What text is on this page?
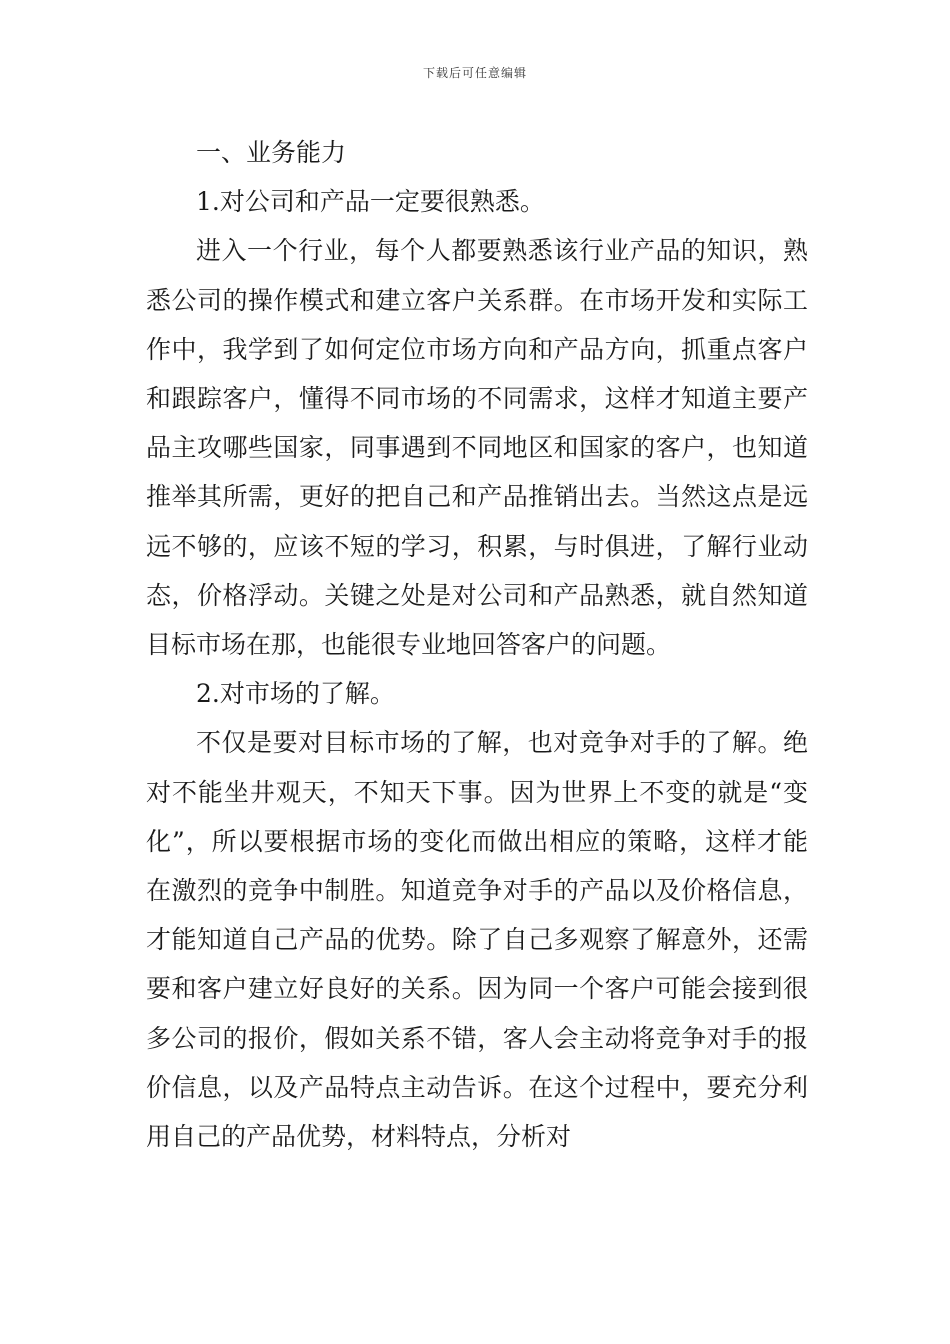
下载后可任意编辑

一、业务能力

1.对公司和产品一定要很熟悉。

进入一个行业，每个人都要熟悉该行业产品的知识，熟悉公司的操作模式和建立客户关系群。在市场开发和实际工作中，我学到了如何定位市场方向和产品方向，抓重点客户和跟踪客户，懂得不同市场的不同需求，这样才知道主要产品主攻哪些国家，同事遇到不同地区和国家的客户，也知道推举其所需，更好的把自己和产品推销出去。当然这点是远远不够的，应该不短的学习，积累，与时俱进，了解行业动态，价格浮动。关键之处是对公司和产品熟悉，就自然知道目标市场在那，也能很专业地回答客户的问题。

2.对市场的了解。

不仅是要对目标市场的了解，也对竞争对手的了解。绝对不能坐井观天，不知天下事。因为世界上不变的就是“变化”，所以要根据市场的变化而做出相应的策略，这样才能在激烈的竞争中制胜。知道竞争对手的产品以及价格信息，才能知道自己产品的优势。除了自己多观察了解意外，还需要和客户建立好良好的关系。因为同一个客户可能会接到很多公司的报价，假如关系不错，客人会主动将竞争对手的报价信息，以及产品特点主动告诉。在这个过程中，要充分利用自己的产品优势，材料特点，分析对
